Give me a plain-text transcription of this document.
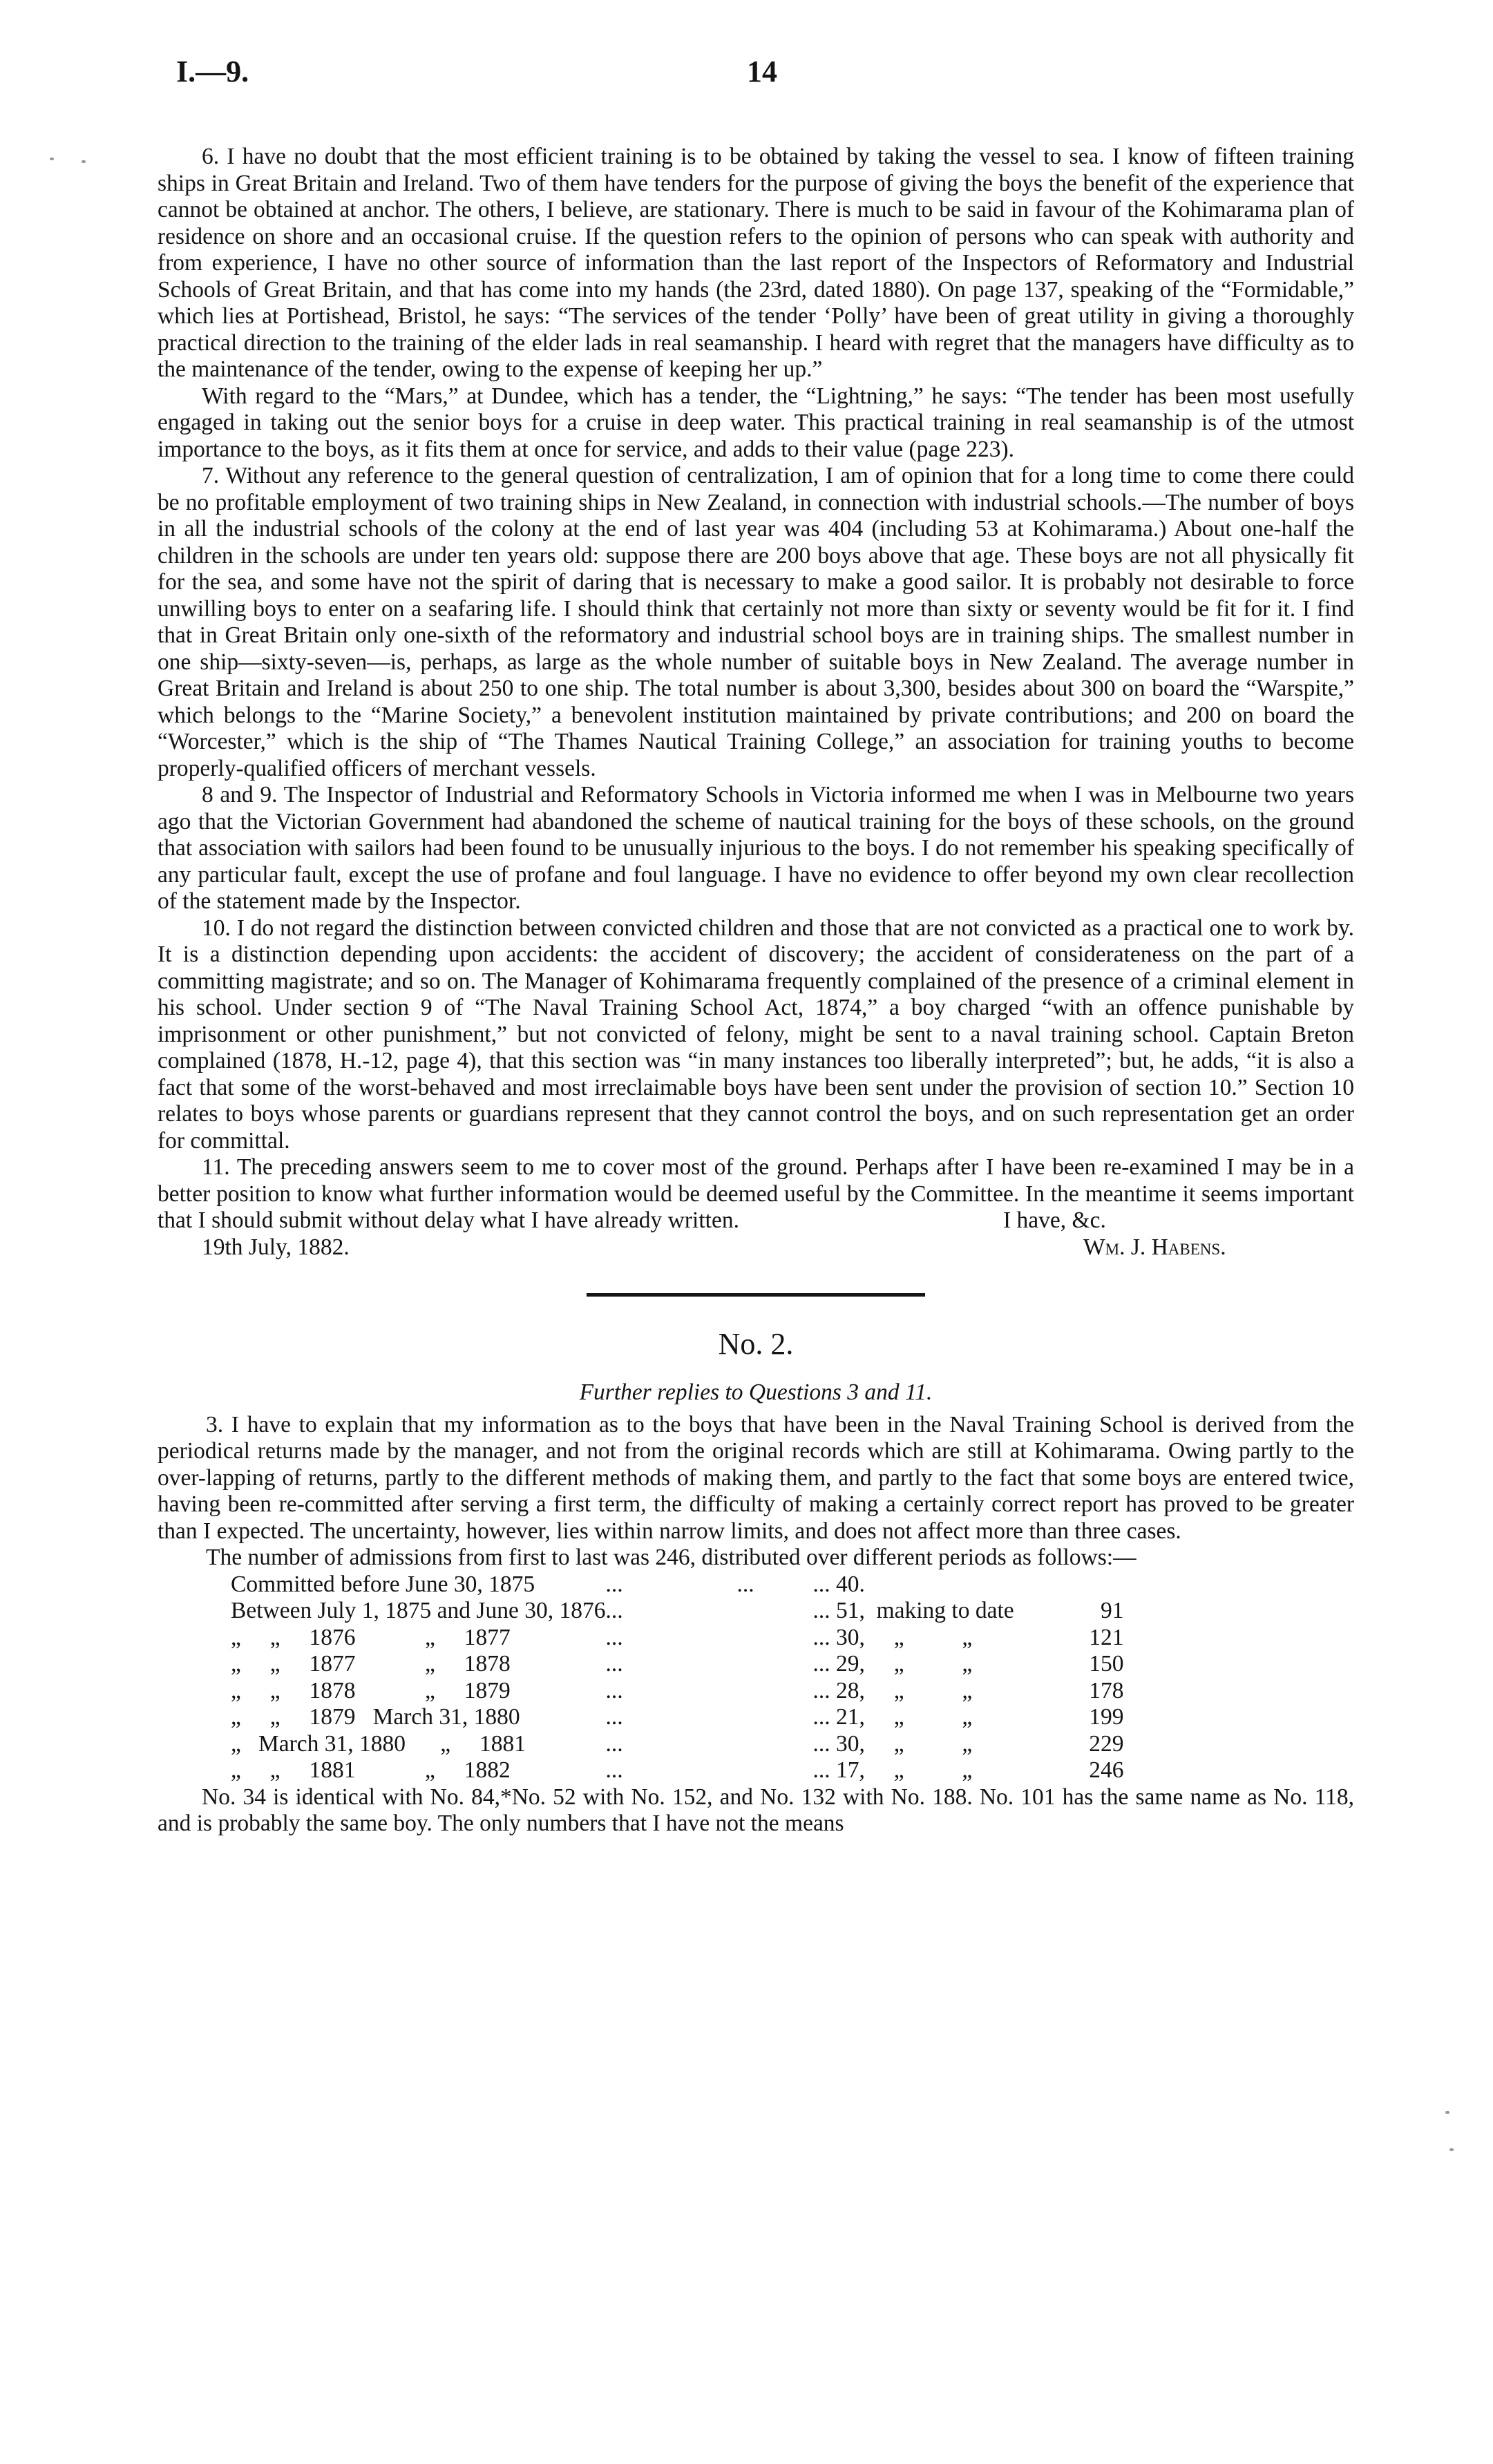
I.—9.	14

6. I have no doubt that the most efficient training is to be obtained by taking the vessel to sea. I know of fifteen training ships in Great Britain and Ireland. Two of them have tenders for the purpose of giving the boys the benefit of the experience that cannot be obtained at anchor. The others, I believe, are stationary. There is much to be said in favour of the Kohimarama plan of residence on shore and an occasional cruise. If the question refers to the opinion of persons who can speak with authority and from experience, I have no other source of information than the last report of the Inspectors of Reformatory and Industrial Schools of Great Britain, and that has come into my hands (the 23rd, dated 1880). On page 137, speaking of the “Formidable,” which lies at Portishead, Bristol, he says: “The services of the tender ‘Polly’ have been of great utility in giving a thoroughly practical direction to the training of the elder lads in real seamanship. I heard with regret that the managers have difficulty as to the maintenance of the tender, owing to the expense of keeping her up.”

With regard to the “Mars,” at Dundee, which has a tender, the “Lightning,” he says: “The tender has been most usefully engaged in taking out the senior boys for a cruise in deep water. This practical training in real seamanship is of the utmost importance to the boys, as it fits them at once for service, and adds to their value (page 223).

7. Without any reference to the general question of centralization, I am of opinion that for a long time to come there could be no profitable employment of two training ships in New Zealand, in connection with industrial schools.—The number of boys in all the industrial schools of the colony at the end of last year was 404 (including 53 at Kohimarama.) About one-half the children in the schools are under ten years old: suppose there are 200 boys above that age. These boys are not all physically fit for the sea, and some have not the spirit of daring that is necessary to make a good sailor. It is probably not desirable to force unwilling boys to enter on a seafaring life. I should think that certainly not more than sixty or seventy would be fit for it. I find that in Great Britain only one-sixth of the reformatory and industrial school boys are in training ships. The smallest number in one ship—sixty-seven—is, perhaps, as large as the whole number of suitable boys in New Zealand. The average number in Great Britain and Ireland is about 250 to one ship. The total number is about 3,300, besides about 300 on board the “Warspite,” which belongs to the “Marine Society,” a benevolent institution maintained by private contributions; and 200 on board the “Worcester,” which is the ship of “The Thames Nautical Training College,” an association for training youths to become properly-qualified officers of merchant vessels.

8 and 9. The Inspector of Industrial and Reformatory Schools in Victoria informed me when I was in Melbourne two years ago that the Victorian Government had abandoned the scheme of nautical training for the boys of these schools, on the ground that association with sailors had been found to be unusually injurious to the boys. I do not remember his speaking specifically of any particular fault, except the use of profane and foul language. I have no evidence to offer beyond my own clear recollection of the statement made by the Inspector.

10. I do not regard the distinction between convicted children and those that are not convicted as a practical one to work by. It is a distinction depending upon accidents: the accident of discovery; the accident of considerateness on the part of a committing magistrate; and so on. The Manager of Kohimarama frequently complained of the presence of a criminal element in his school. Under section 9 of “The Naval Training School Act, 1874,” a boy charged “with an offence punishable by imprisonment or other punishment,” but not convicted of felony, might be sent to a naval training school. Captain Breton complained (1878, H.-12, page 4), that this section was “in many instances too liberally interpreted”; but, he adds, “it is also a fact that some of the worst-behaved and most irreclaimable boys have been sent under the provision of section 10.” Section 10 relates to boys whose parents or guardians represent that they cannot control the boys, and on such representation get an order for committal.

11. The preceding answers seem to me to cover most of the ground. Perhaps after I have been re-examined I may be in a better position to know what further information would be deemed useful by the Committee. In the meantime it seems important that I should submit without delay what I have already written.	I have, &c.
19th July, 1882.	Wm. J. Habens.
No. 2.
Further replies to Questions 3 and 11.

3. I have to explain that my information as to the boys that have been in the Naval Training School is derived from the periodical returns made by the manager, and not from the original records which are still at Kohimarama. Owing partly to the over-lapping of returns, partly to the different methods of making them, and partly to the fact that some boys are entered twice, having been re-committed after serving a first term, the difficulty of making a certainly correct report has proved to be greater than I expected. The uncertainty, however, lies within narrow limits, and does not affect more than three cases.

The number of admissions from first to last was 246, distributed over different periods as follows:—

Committed before June 30, 1875	...	...	... 40.	
Between July 1, 1875 and June 30, 1876	...		... 51,  making to date	91
„     „     1876            „     1877	...		... 30,     „          „	121
„     „     1877            „     1878	...		... 29,     „          „	150
„     „     1878            „     1879	...		... 28,     „          „	178
„     „     1879   March 31, 1880	...		... 21,     „          „	199
„   March 31, 1880      „     1881	...		... 30,     „          „	229
„     „     1881            „     1882	...		... 17,     „          „	246

No. 34 is identical with No. 84,*No. 52 with No. 152, and No. 132 with No. 188. No. 101 has the same name as No. 118, and is probably the same boy. The only numbers that I have not the means
